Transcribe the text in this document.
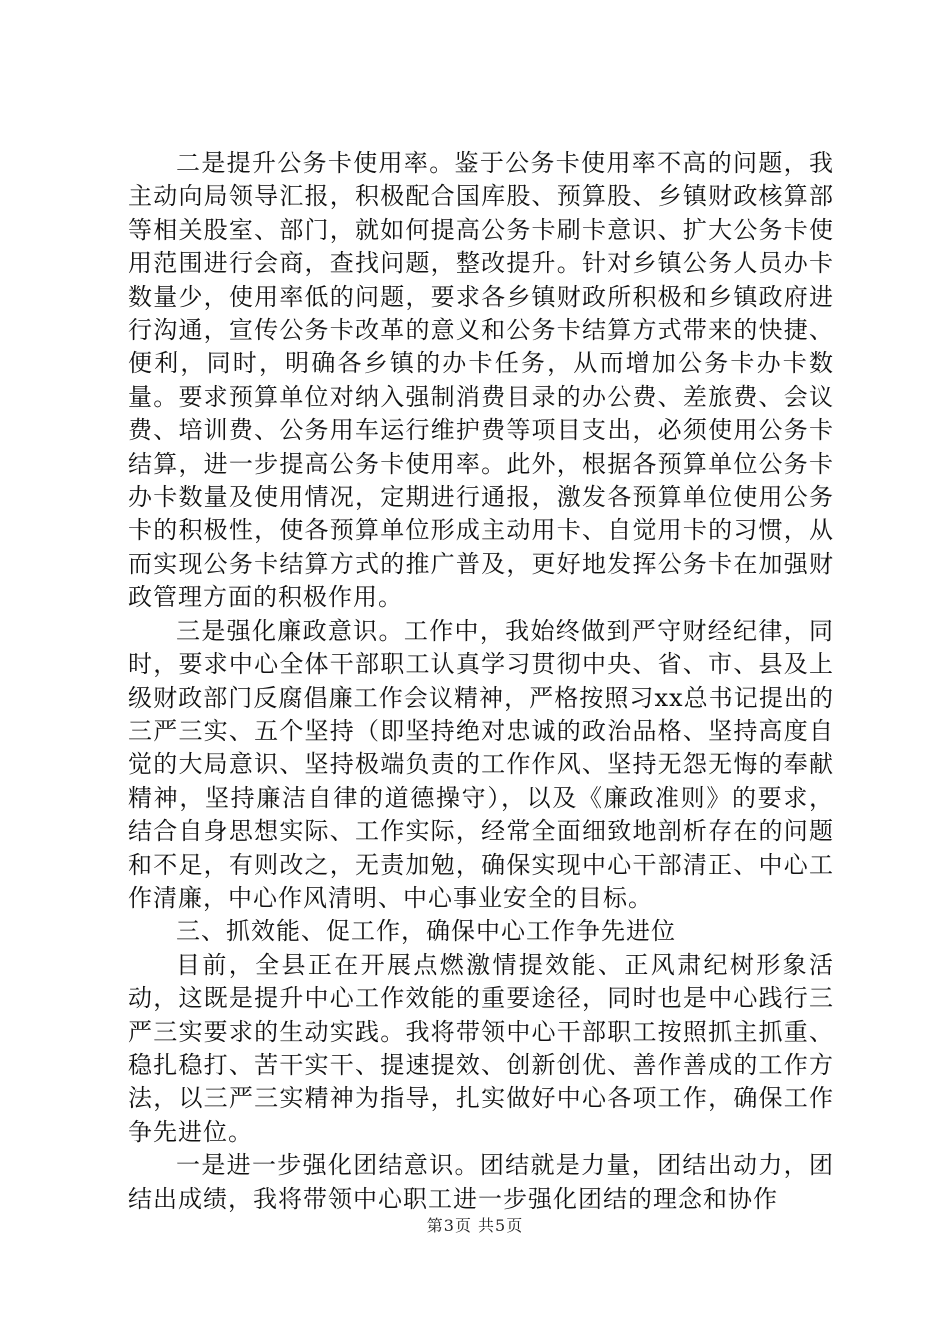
二是提升公务卡使用率。鉴于公务卡使用率不高的问题，我主动向局领导汇报，积极配合国库股、预算股、乡镇财政核算部等相关股室、部门，就如何提高公务卡刷卡意识、扩大公务卡使用范围进行会商，查找问题，整改提升。针对乡镇公务人员办卡数量少，使用率低的问题，要求各乡镇财政所积极和乡镇政府进行沟通，宣传公务卡改革的意义和公务卡结算方式带来的快捷、便利，同时，明确各乡镇的办卡任务，从而增加公务卡办卡数量。要求预算单位对纳入强制消费目录的办公费、差旅费、会议费、培训费、公务用车运行维护费等项目支出，必须使用公务卡结算，进一步提高公务卡使用率。此外，根据各预算单位公务卡办卡数量及使用情况，定期进行通报，激发各预算单位使用公务卡的积极性，使各预算单位形成主动用卡、自觉用卡的习惯，从而实现公务卡结算方式的推广普及，更好地发挥公务卡在加强财政管理方面的积极作用。

三是强化廉政意识。工作中，我始终做到严守财经纪律，同时，要求中心全体干部职工认真学习贯彻中央、省、市、县及上级财政部门反腐倡廉工作会议精神，严格按照习xx总书记提出的三严三实、五个坚持（即坚持绝对忠诚的政治品格、坚持高度自觉的大局意识、坚持极端负责的工作作风、坚持无怨无悔的奉献精神，坚持廉洁自律的道德操守），以及《廉政准则》的要求，结合自身思想实际、工作实际，经常全面细致地剖析存在的问题和不足，有则改之，无责加勉，确保实现中心干部清正、中心工作清廉，中心作风清明、中心事业安全的目标。

三、抓效能、促工作，确保中心工作争先进位

目前，全县正在开展点燃激情提效能、正风肃纪树形象活动，这既是提升中心工作效能的重要途径，同时也是中心践行三严三实要求的生动实践。我将带领中心干部职工按照抓主抓重、稳扎稳打、苦干实干、提速提效、创新创优、善作善成的工作方法，以三严三实精神为指导，扎实做好中心各项工作，确保工作争先进位。

一是进一步强化团结意识。团结就是力量，团结出动力，团结出成绩，我将带领中心职工进一步强化团结的理念和协作

第3页 共5页
